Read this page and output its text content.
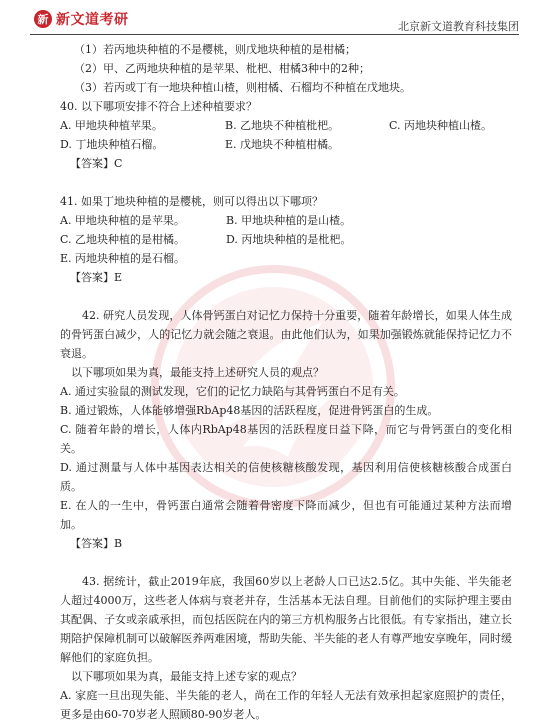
新 新文道考研	北京新文道教育科技集团
（1）若丙地块种植的不是樱桃，则戊地块种植的是柑橘；
（2）甲、乙两地块种植的是苹果、枇杷、柑橘3种中的2种；
（3）若丙或丁有一地块种植山楂，则柑橘、石榴均不种植在戊地块。
40. 以下哪项安排不符合上述种植要求？
A. 甲地块种植苹果。	B. 乙地块不种植枇杷。	C. 丙地块种植山楂。
D. 丁地块种植石榴。	E. 戊地块不种植柑橘。
【答案】C
41. 如果丁地块种植的是樱桃，则可以得出以下哪项？
A. 甲地块种植的是苹果。	B. 甲地块种植的是山楂。
C. 乙地块种植的是柑橘。	D. 丙地块种植的是枇杷。
E. 丙地块种植的是石榴。
【答案】E
42. 研究人员发现，人体骨钙蛋白对记忆力保持十分重要，随着年龄增长，如果人体生成的骨钙蛋白减少，人的记忆力就会随之衰退。由此他们认为，如果加强锻炼就能保持记忆力不衰退。
以下哪项如果为真，最能支持上述研究人员的观点？
A. 通过实验鼠的测试发现，它们的记忆力缺陷与其骨钙蛋白不足有关。
B. 通过锻炼，人体能够增强RbAp48基因的活跃程度，促进骨钙蛋白的生成。
C. 随着年龄的增长，人体内RbAp48基因的活跃程度日益下降，而它与骨钙蛋白的变化相关。
D. 通过测量与人体中基因表达相关的信使核糖核酸发现，基因利用信使核糖核酸合成蛋白质。
E. 在人的一生中，骨钙蛋白通常会随着骨密度下降而减少，但也有可能通过某种方法而增加。
【答案】B
43. 据统计，截止2019年底，我国60岁以上老龄人口已达2.5亿。其中失能、半失能老人超过4000万，这些老人体病与衰老并存，生活基本无法自理。目前他们的实际护理主要由其配偶、子女或亲戚承担，而包括医院在内的第三方机构服务占比很低。有专家指出，建立长期陪护保障机制可以破解医养两难困境，帮助失能、半失能的老人有尊严地安享晚年，同时缓解他们的家庭负担。
以下哪项如果为真，最能支持上述专家的观点？
A. 家庭一旦出现失能、半失能的老人，尚在工作的年轻人无法有效承担起家庭照护的责任，更多是由60-70岁老人照顾80-90岁老人。
